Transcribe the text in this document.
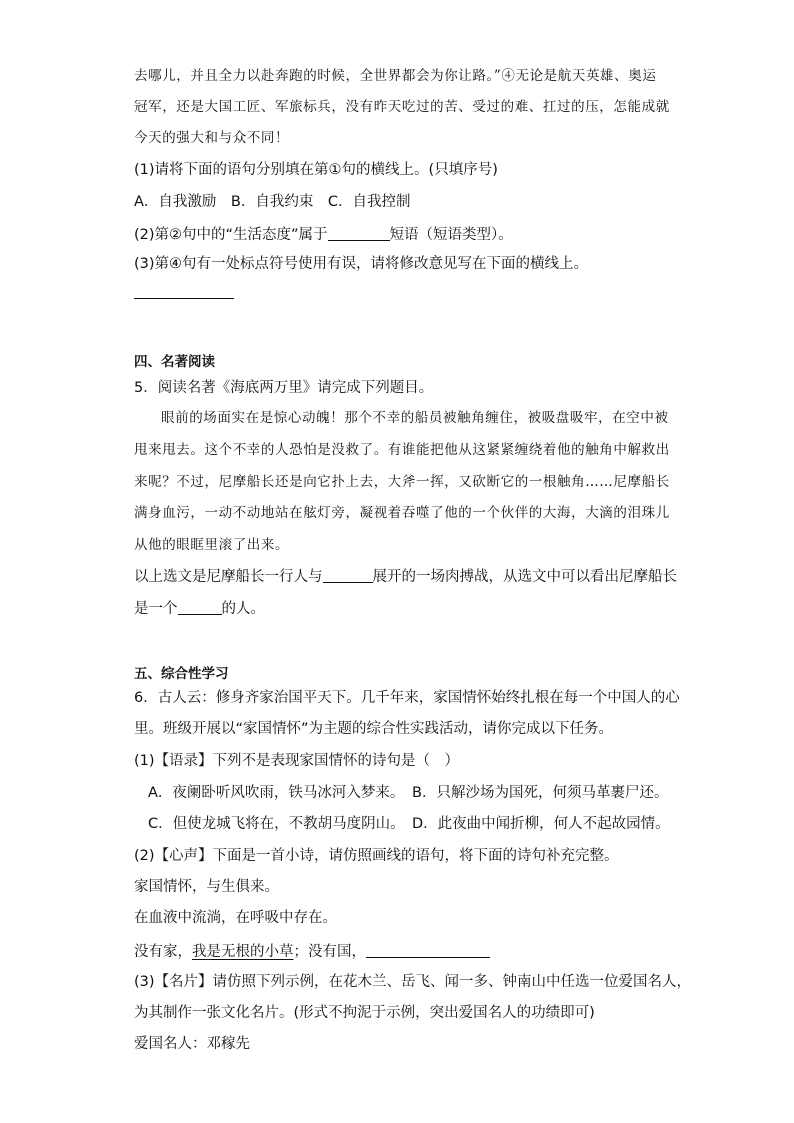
去哪儿，并且全力以赴奔跑的时候，全世界都会为你让路。”④无论是航天英雄、奥运
冠军，还是大国工匠、军旅标兵，没有昨天吃过的苦、受过的难、扛过的压，怎能成就
今天的强大和与众不同！
(1)请将下面的语句分别填在第①句的横线上。(只填序号)
A．自我激励　B．自我约束　C．自我控制
(2)第②句中的“生活态度”属于	短语（短语类型）。
(3)第④句有一处标点符号使用有误，请将修改意见写在下面的横线上。
四、名著阅读
5．阅读名著《海底两万里》请完成下列题目。
眼前的场面实在是惊心动魄！那个不幸的船员被触角缠住，被吸盘吸牢，在空中被
甩来甩去。这个不幸的人恐怕是没救了。有谁能把他从这紧紧缠绕着他的触角中解救出
来呢？不过，尼摩船长还是向它扑上去，大斧一挥，又砍断它的一根触角……尼摩船长
满身血污，一动不动地站在舷灯旁，凝视着吞噬了他的一个伙伴的大海，大滴的泪珠儿
从他的眼眶里滚了出来。
以上选文是尼摩船长一行人与	展开的一场肉搏战，从选文中可以看出尼摩船长
是一个	的人。
五、综合性学习
6．古人云：修身齐家治国平天下。几千年来，家国情怀始终扎根在每一个中国人的心
里。班级开展以“家国情怀”为主题的综合性实践活动，请你完成以下任务。
(1)【语录】下列不是表现家国情怀的诗句是（　）
A．夜阑卧听风吹雨，铁马冰河入梦来。 B．只解沙场为国死，何须马革裹尸还。
C．但使龙城飞将在，不教胡马度阴山。 D．此夜曲中闻折柳，何人不起故园情。
(2)【心声】下面是一首小诗，请仿照画线的语句，将下面的诗句补充完整。
家国情怀，与生俱来。
在血液中流淌，在呼吸中存在。
没有家，我是无根的小草；没有国，
(3)【名片】请仿照下列示例，在花木兰、岳飞、闻一多、钟南山中任选一位爱国名人，
为其制作一张文化名片。(形式不拘泥于示例，突出爱国名人的功绩即可)
爱国名人：邓稼先
